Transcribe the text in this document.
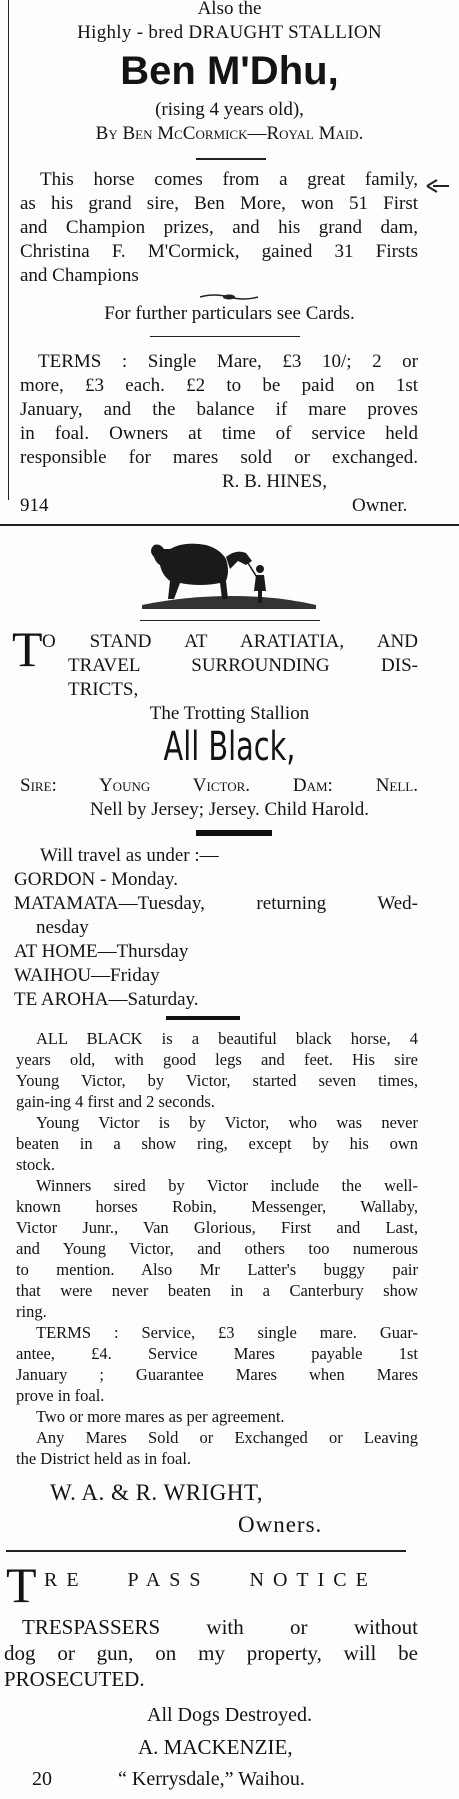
Also the
Highly - bred DRAUGHT STALLION
Ben M'Dhu,
(rising 4 years old),
By Ben McCormick—Royal Maid.
This horse comes from a great family,
as his grand sire, Ben More, won 51 First
and Champion prizes, and his grand dam,
Christina F. M'Cormick, gained 31 Firsts
and Champions
For further particulars see Cards.
TERMS : Single Mare, £3 10/; 2 or
more, £3 each. £2 to be paid on 1st
January, and the balance if mare proves
in foal. Owners at time of service held
responsible for mares sold or exchanged.
R. B. HINES,
914	Owner.
T O STAND AT ARATIATIA, AND
TRAVEL SURROUNDING DIS-
TRICTS,
The Trotting Stallion
All Black,
Sire: Young Victor. Dam: Nell.
Nell by Jersey; Jersey. Child Harold.
Will travel as under :—
GORDON - Monday.
MATAMATA—Tuesday, returning Wed-
nesday
AT HOME—Thursday
WAIHOU—Friday
TE AROHA—Saturday.
ALL BLACK is a beautiful black horse, 4
years old, with good legs and feet. His sire
Young Victor, by Victor, started seven times,
gain-ing 4 first and 2 seconds.
Young Victor is by Victor, who was never
beaten in a show ring, except by his own
stock.
Winners sired by Victor include the well-
known horses Robin, Messenger, Wallaby,
Victor Junr., Van Glorious, First and Last,
and Young Victor, and others too numerous
to mention. Also Mr Latter's buggy pair
that were never beaten in a Canterbury show
ring.
TERMS : Service, £3 single mare. Guar-
antee, £4. Service Mares payable 1st
January ; Guarantee Mares when Mares
prove in foal.
Two or more mares as per agreement.
Any Mares Sold or Exchanged or Leaving
the District held as in foal.
W. A. & R. WRIGHT,
Owners.
T RE PASS NOTICE
TRESPASSERS with or without
dog or gun, on my property, will be
PROSECUTED.
All Dogs Destroyed.
A. MACKENZIE,
20	“ Kerrysdale,” Waihou.
